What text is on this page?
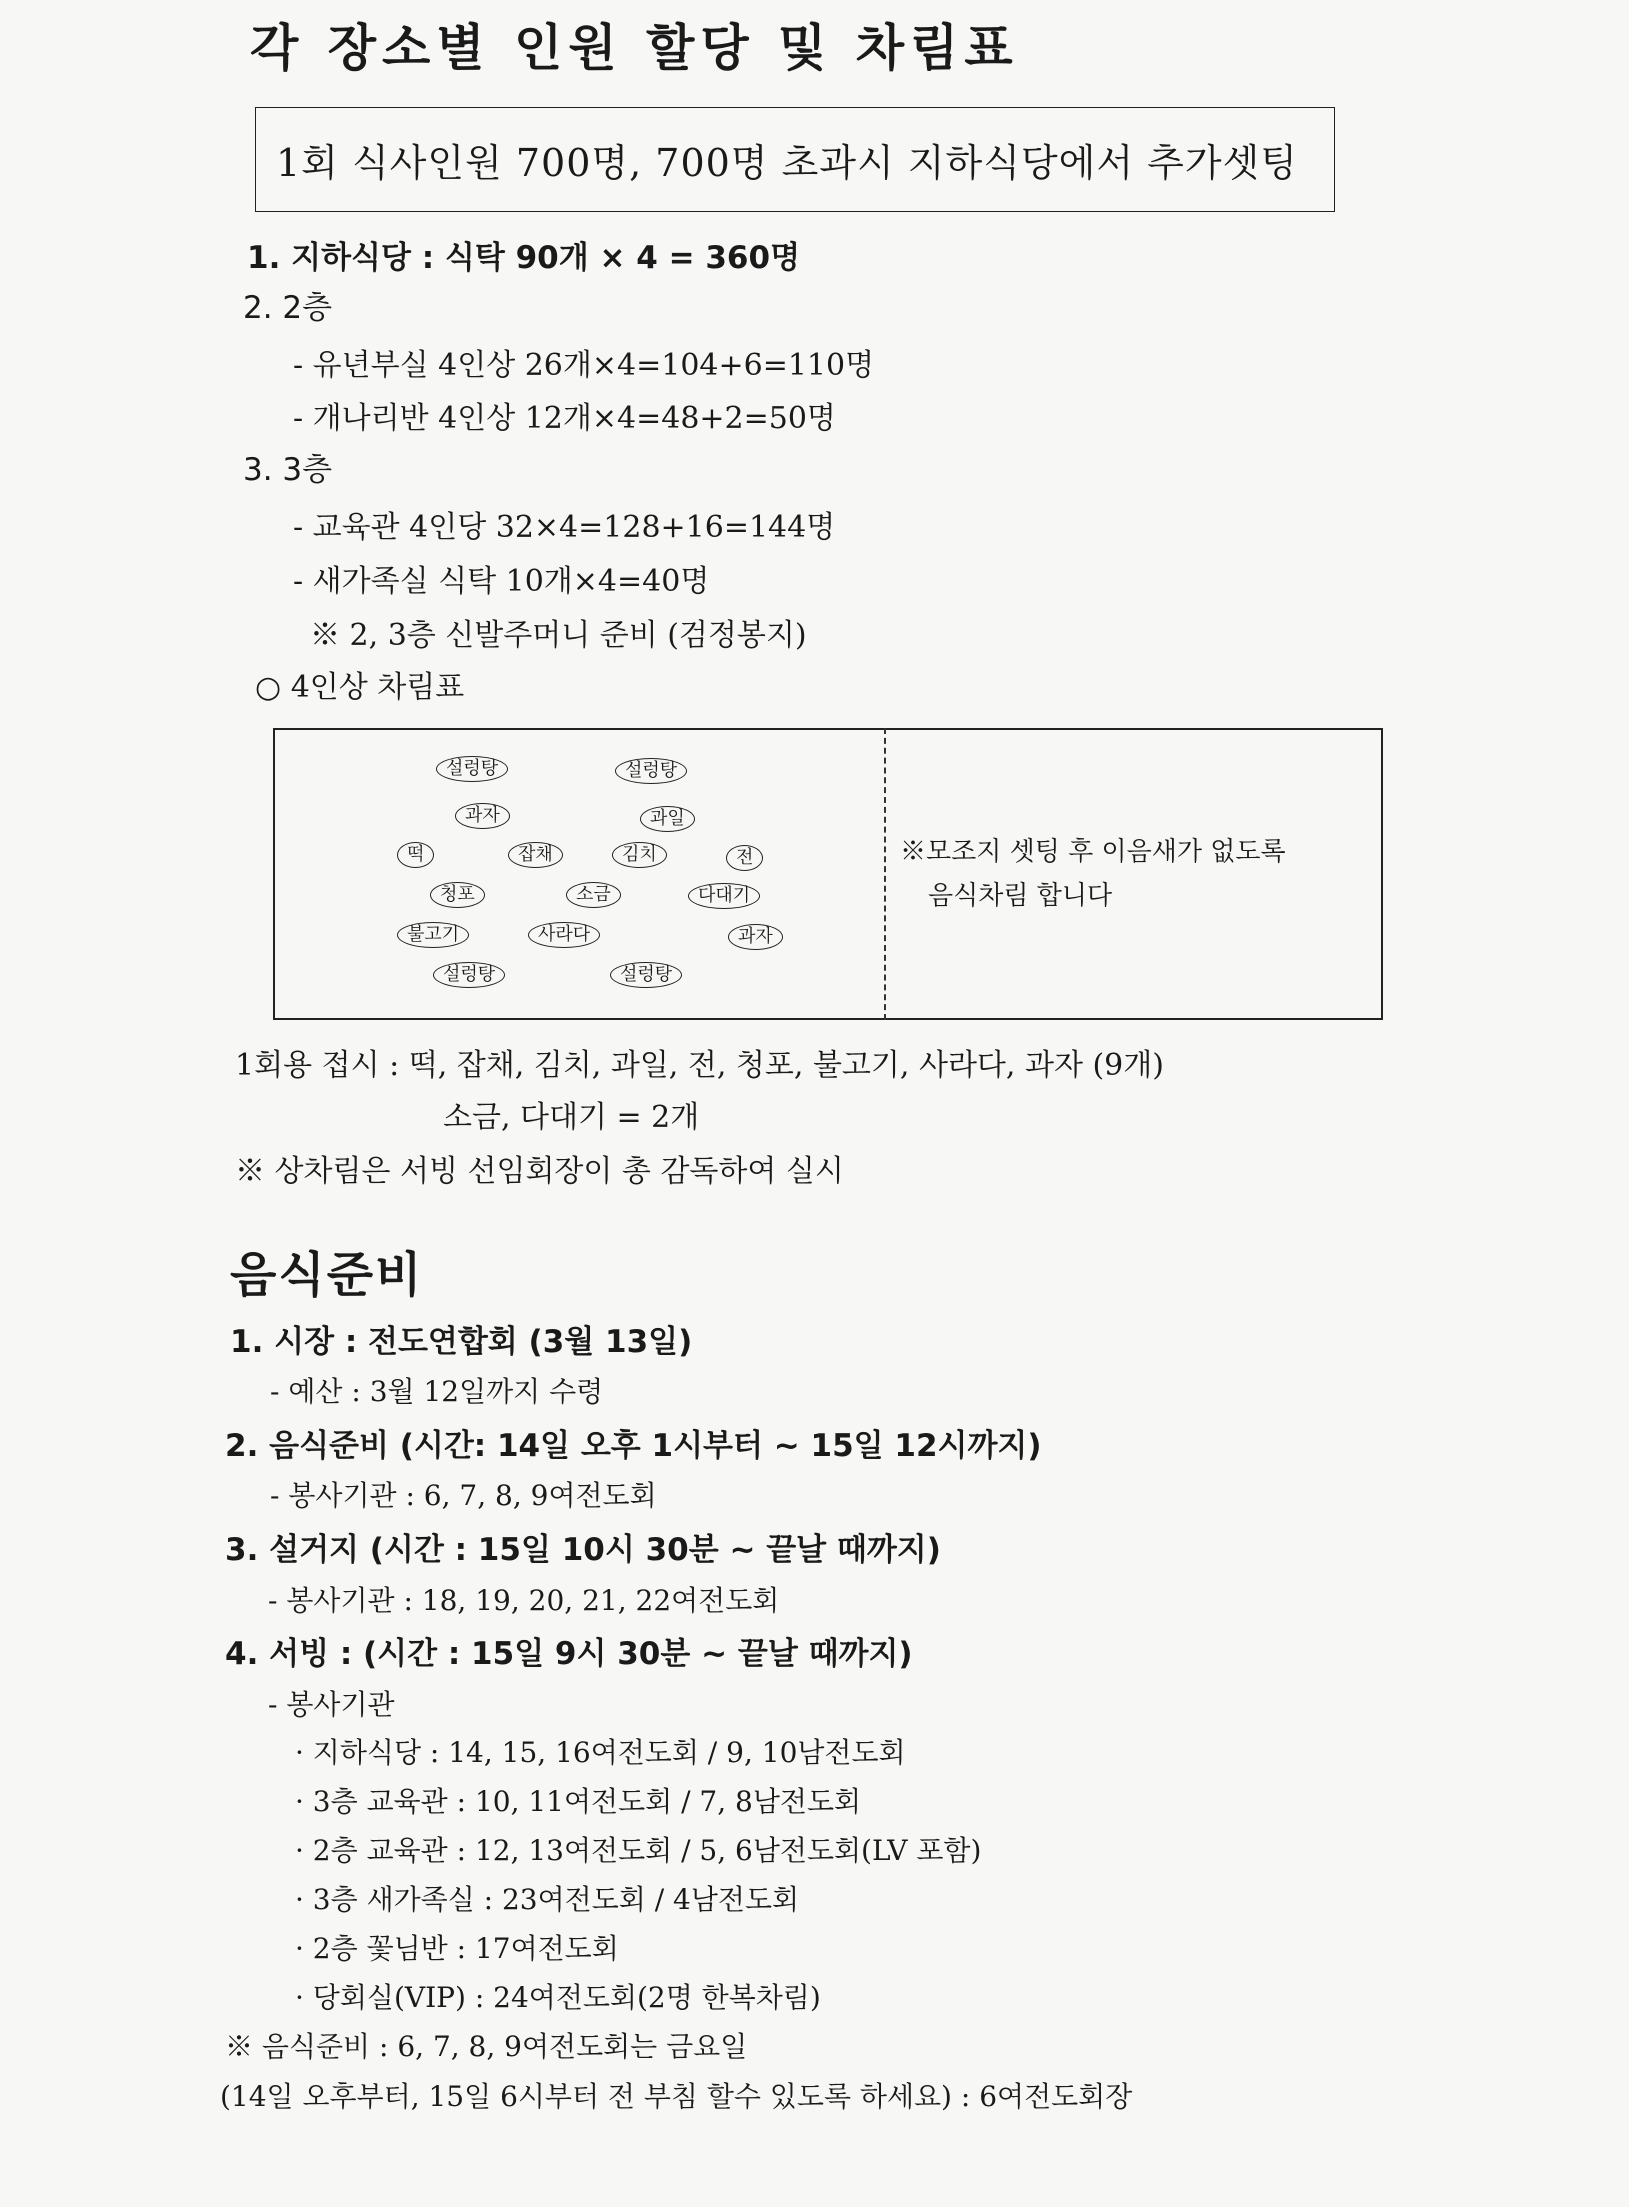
각 장소별 인원 할당 및 차림표
1회 식사인원 700명, 700명 초과시 지하식당에서 추가셋팅
1. 지하식당 : 식탁 90개 × 4 = 360명
2. 2층
- 유년부실 4인상 26개×4=104+6=110명
- 개나리반 4인상 12개×4=48+2=50명
3. 3층
- 교육관 4인당 32×4=128+16=144명
- 새가족실 식탁 10개×4=40명
※ 2, 3층 신발주머니 준비 (검정봉지)
○ 4인상 차림표
설렁탕	설렁탕
과자	과일
떡	잡채	김치	전
청포	소금	다대기
불고기	사라다	과자
설렁탕	설렁탕
※모조지 셋팅 후 이음새가 없도록
음식차림 합니다
1회용 접시 : 떡, 잡채, 김치, 과일, 전, 청포, 불고기, 사라다, 과자 (9개)
소금, 다대기 = 2개
※ 상차림은 서빙 선임회장이 총 감독하여 실시
음식준비
1. 시장 : 전도연합회 (3월 13일)
- 예산 : 3월 12일까지 수령
2. 음식준비 (시간: 14일 오후 1시부터 ~ 15일 12시까지)
- 봉사기관 : 6, 7, 8, 9여전도회
3. 설거지 (시간 : 15일 10시 30분 ~ 끝날 때까지)
- 봉사기관 : 18, 19, 20, 21, 22여전도회
4. 서빙 : (시간 : 15일 9시 30분 ~ 끝날 때까지)
- 봉사기관
· 지하식당 : 14, 15, 16여전도회 / 9, 10남전도회
· 3층 교육관 : 10, 11여전도회 / 7, 8남전도회
· 2층 교육관 : 12, 13여전도회 / 5, 6남전도회(LV 포함)
· 3층 새가족실 : 23여전도회 / 4남전도회
· 2층 꽃님반 : 17여전도회
· 당회실(VIP) : 24여전도회(2명 한복차림)
※ 음식준비 : 6, 7, 8, 9여전도회는 금요일
(14일 오후부터, 15일 6시부터 전 부침 할수 있도록 하세요) : 6여전도회장
